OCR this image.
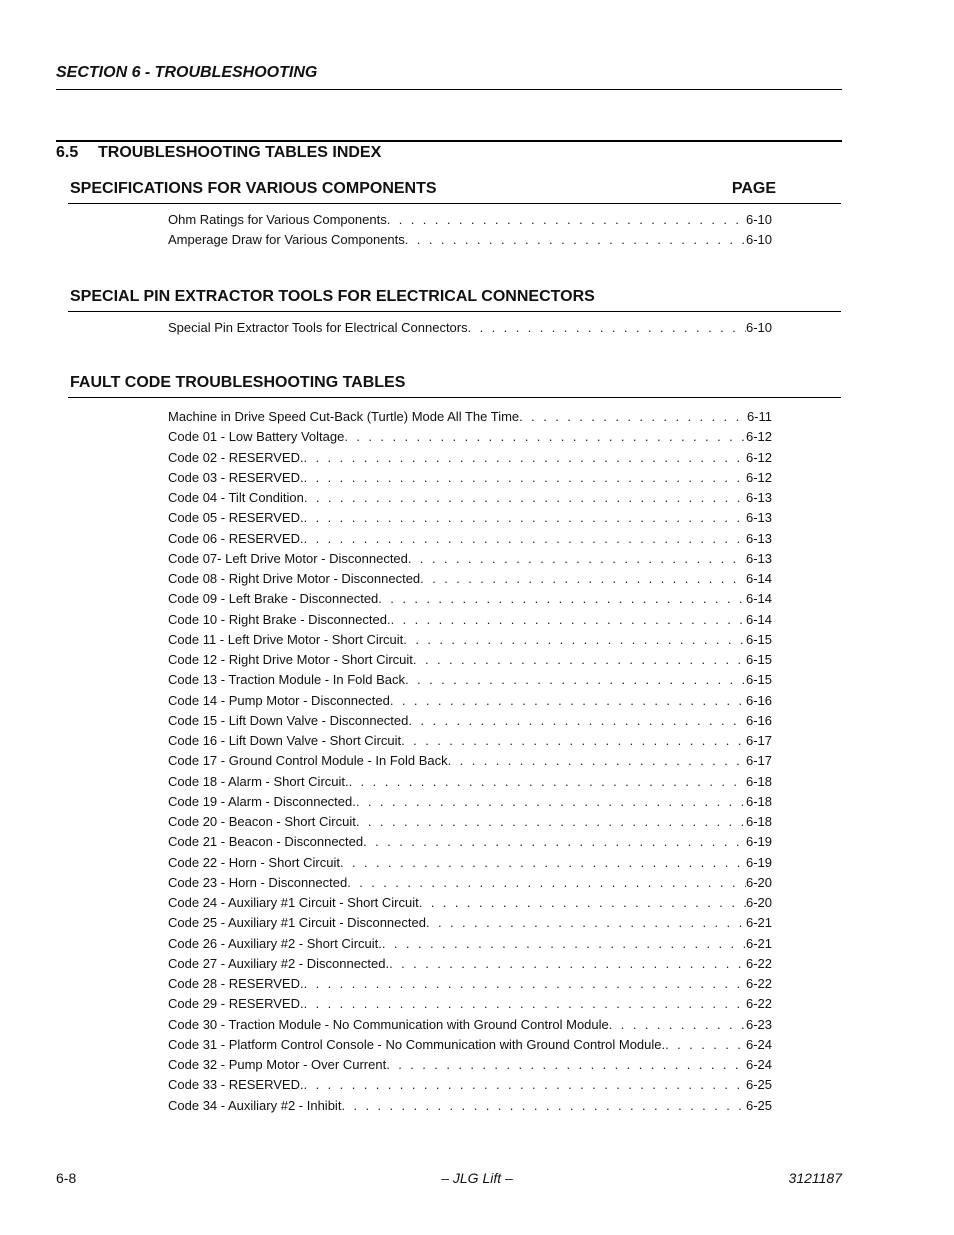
SECTION 6 - TROUBLESHOOTING
6.5 TROUBLESHOOTING TABLES INDEX
SPECIFICATIONS FOR VARIOUS COMPONENTS	PAGE
Ohm Ratings for Various Components . . .	6-10
Amperage Draw for Various Components . . .	6-10
SPECIAL PIN EXTRACTOR TOOLS FOR ELECTRICAL CONNECTORS
Special Pin Extractor Tools for Electrical Connectors . . .	6-10
FAULT CODE TROUBLESHOOTING TABLES
Machine in Drive Speed Cut-Back (Turtle) Mode All The Time . . .	6-11
Code 01 - Low Battery Voltage . . .	6-12
Code 02 - RESERVED. . . .	6-12
Code 03 - RESERVED. . . .	6-12
Code 04 - Tilt Condition . . .	6-13
Code 05 - RESERVED. . . .	6-13
Code 06 - RESERVED. . . .	6-13
Code 07- Left Drive Motor - Disconnected . . .	6-13
Code 08 - Right Drive Motor - Disconnected . . .	6-14
Code 09 - Left Brake - Disconnected . . .	6-14
Code 10 - Right Brake - Disconnected. . . .	6-14
Code 11 - Left Drive Motor - Short Circuit . . .	6-15
Code 12 - Right Drive Motor - Short Circuit . . .	6-15
Code 13 - Traction Module - In Fold Back . . .	6-15
Code 14 - Pump Motor - Disconnected . . .	6-16
Code 15 - Lift Down Valve - Disconnected . . .	6-16
Code 16 - Lift Down Valve - Short Circuit . . .	6-17
Code 17 - Ground Control Module - In Fold Back . . .	6-17
Code 18 - Alarm - Short Circuit. . . .	6-18
Code 19 - Alarm - Disconnected. . . .	6-18
Code 20 - Beacon - Short Circuit . . .	6-18
Code 21 - Beacon - Disconnected . . .	6-19
Code 22 - Horn - Short Circuit . . .	6-19
Code 23 - Horn - Disconnected . . .	6-20
Code 24 - Auxiliary #1 Circuit - Short Circuit . . .	6-20
Code 25 - Auxiliary #1 Circuit - Disconnected . . .	6-21
Code 26 - Auxiliary #2 - Short Circuit. . . .	6-21
Code 27 - Auxiliary #2 - Disconnected. . . .	6-22
Code 28 - RESERVED. . . .	6-22
Code 29 - RESERVED. . . .	6-22
Code 30 - Traction Module - No Communication with Ground Control Module . . .	6-23
Code 31 - Platform Control Console - No Communication with Ground Control Module. . . .	6-24
Code 32 - Pump Motor - Over Current . . .	6-24
Code 33 - RESERVED. . . .	6-25
Code 34 - Auxiliary #2 - Inhibit . . .	6-25
6-8	– JLG Lift –	3121187
